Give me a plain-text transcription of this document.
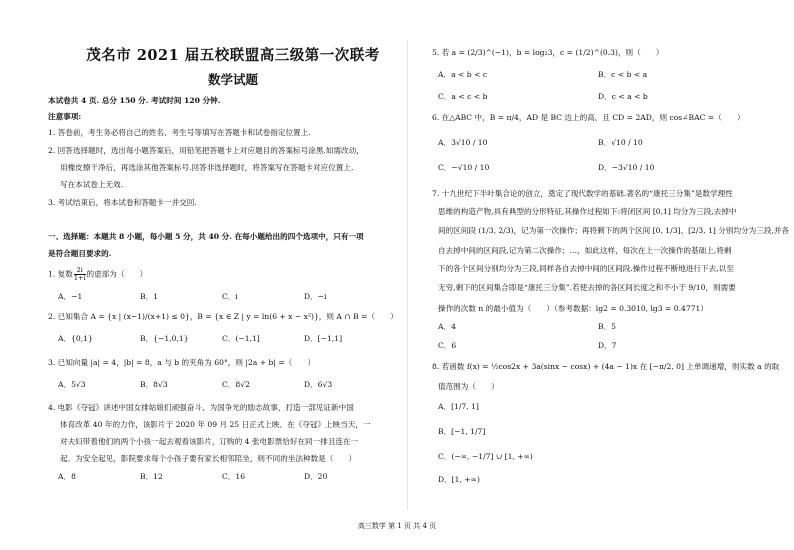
茂名市 2021 届五校联盟高三级第一次联考
数学试题
本试卷共 4 页. 总分 150 分. 考试时间 120 分钟.
注意事项:
1. 答卷前，考生务必将自己的姓名、考生号等填写在答题卡和试卷指定位置上.
2. 回答选择题时，选出每小题答案后，用铅笔把答题卡上对应题目的答案标号涂黑.如需改动，
用橡皮擦干净后，再选涂其他答案标号.回答非选择题时，将答案写在答题卡对应位置上.
写在本试卷上无效.
3. 考试结束后，将本试卷和答题卡一并交回.
一、选择题：本题共 8 小题，每小题 5 分，共 40 分. 在每小题给出的四个选项中，只有一项
是符合题目要求的.
1. 复数 $\frac{2i}{1+i}$ 的虚部为（　　）
A．−1	B．1	C．i	D．−i
2. 已知集合 A = {x | (x−1)/(x+1) ≤ 0}，B = {x ∈ Z | y = ln(6 + x − x²)}，则 A ∩ B =（　　）
A．{0,1}	B．{−1,0,1}	C．(−1,1]	D．[−1,1]
3. 已知向量 |a| = 4，|b| = 8，a 与 b 的夹角为 60°，则 |2a + b| =（　　）
A．5√3	B．8√3	C．8√2	D．6√3
4. 电影《夺冠》讲述中国女排姑娘们顽强奋斗、为国争光的励志故事，打造一部见证新中国
体育改革 40 年的力作，该影片于 2020 年 09 月 25 日正式上映．在《夺冠》上映当天，一
对夫妇带着他们的两个小孩一起去观看该影片，订购的 4 张电影票恰好在同一排且连在一
起．为安全起见，影院要求每个小孩子要有家长相邻陪坐，则不同的坐法种数是（　　）
A．8	B．12	C．16	D．20
5. 若 a = (2/3)^(−1)，b = log₂3，c = (1/2)^(0.3)，则（　　）
A．a < b < c	B．c < b < a
C．a < c < b	D．c < a < b
6. 在△ABC 中，B = π/4，AD 是 BC 边上的高，且 CD = 2AD，则 cos∠BAC =（　　）
A．3√10 / 10	B．√10 / 10
C．−√10 / 10	D．−3√10 / 10
7. 十九世纪下半叶集合论的创立，奠定了现代数学的基础.著名的“康托三分集”是数学理性
思维的构造产物,具有典型的分形特征,其操作过程如下:将闭区间 [0,1] 均分为三段,去掉中
间的区间段 (1/3, 2/3)，记为第一次操作；再将剩下的两个区间 [0, 1/3]、[2/3, 1] 分别均分为三段,并各
自去掉中间的区间段,记为第二次操作；…，如此这样，每次在上一次操作的基础上,将剩
下的各个区间分别均分为三段,同样各自去掉中间的区间段.操作过程不断地进行下去,以至
无穷,剩下的区间集合即是“康托三分集”.若使去掉的各区间长度之和不小于 9/10，则需要
操作的次数 n 的最小值为（　　）（参考数据：lg2 = 0.3010, lg3 = 0.4771）
A．4	B．5
C．6	D．7
8. 若函数 f(x) = ½cos2x + 3a(sinx − cosx) + (4a − 1)x 在 [−π/2, 0] 上单调递增，则实数 a 的取
值范围为（　　）
A．[1/7, 1]
B．[−1, 1/7]
C．(−∞, −1/7] ∪ [1, +∞)
D．[1, +∞)
高三数学 第 1 页 共 4 页
